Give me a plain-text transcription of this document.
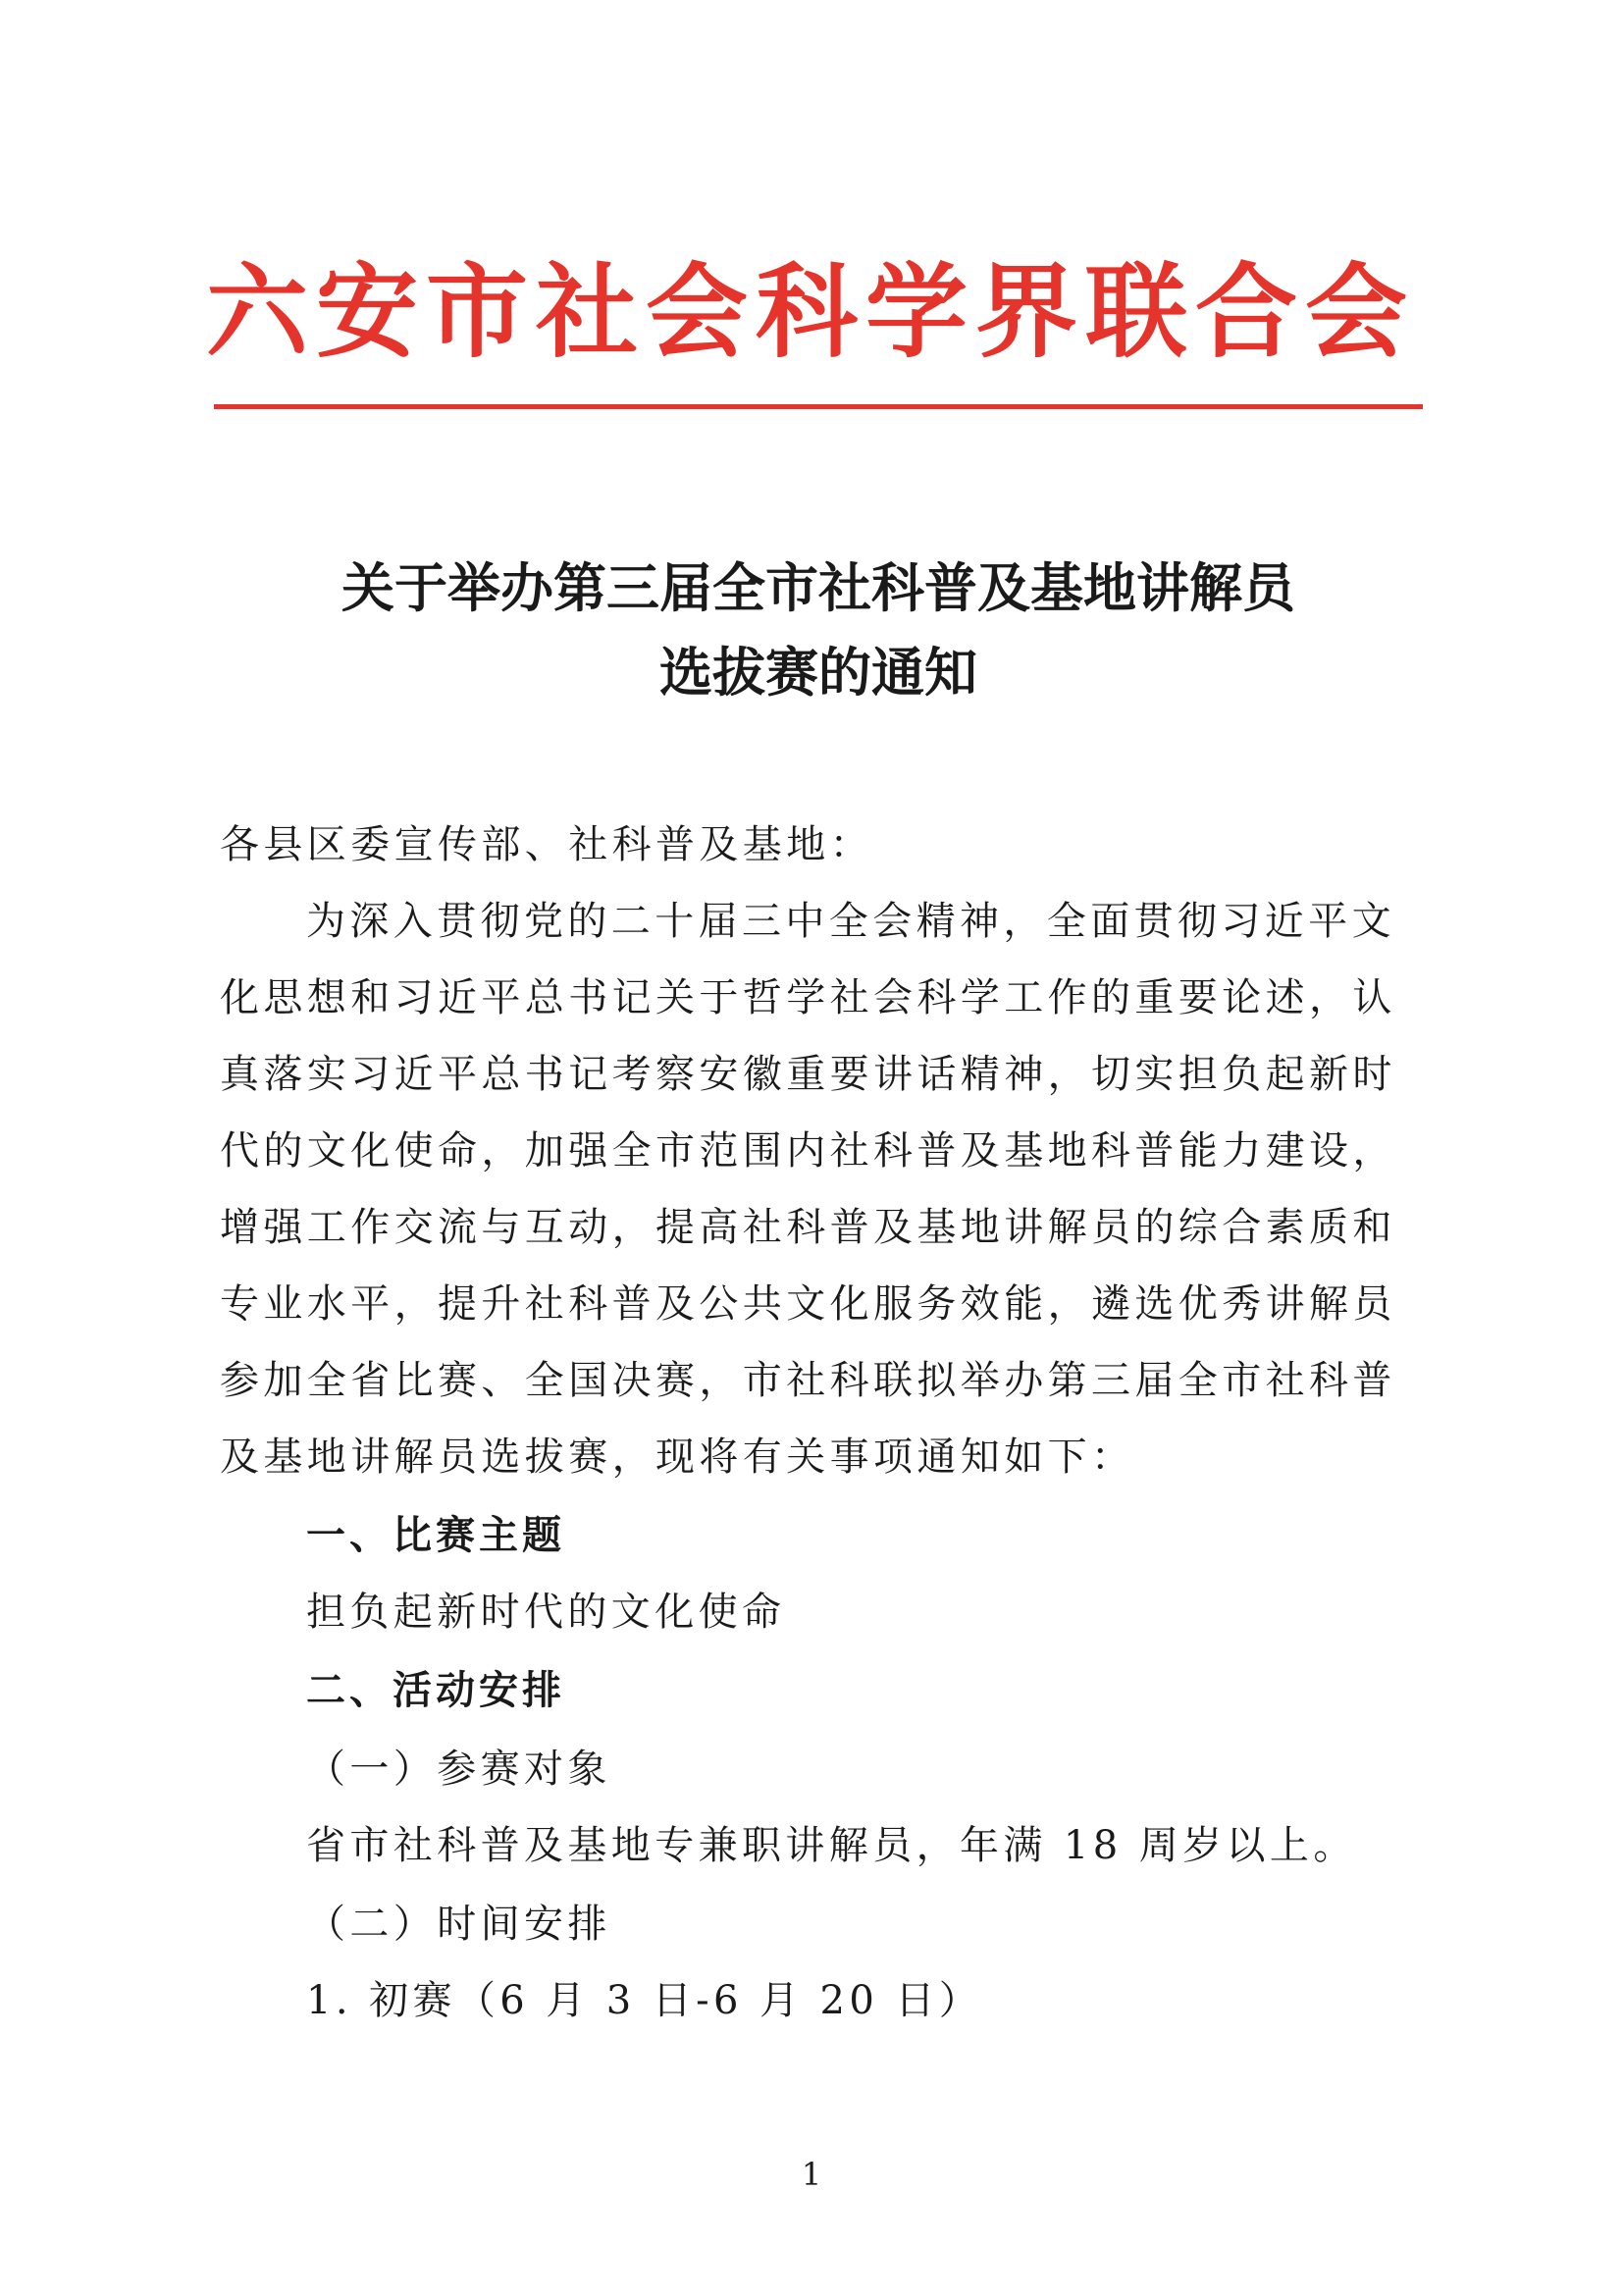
六安市社会科学界联合会
关于举办第三届全市社科普及基地讲解员
选拔赛的通知
各县区委宣传部、社科普及基地：
为深入贯彻党的二十届三中全会精神，全面贯彻习近平文
化思想和习近平总书记关于哲学社会科学工作的重要论述，认
真落实习近平总书记考察安徽重要讲话精神，切实担负起新时
代的文化使命，加强全市范围内社科普及基地科普能力建设，
增强工作交流与互动，提高社科普及基地讲解员的综合素质和
专业水平，提升社科普及公共文化服务效能，遴选优秀讲解员
参加全省比赛、全国决赛，市社科联拟举办第三届全市社科普
及基地讲解员选拔赛，现将有关事项通知如下：
一、比赛主题
担负起新时代的文化使命
二、活动安排
（一）参赛对象
省市社科普及基地专兼职讲解员，年满 18 周岁以上。
（二）时间安排
1. 初赛（6 月 3 日-6 月 20 日）
1
